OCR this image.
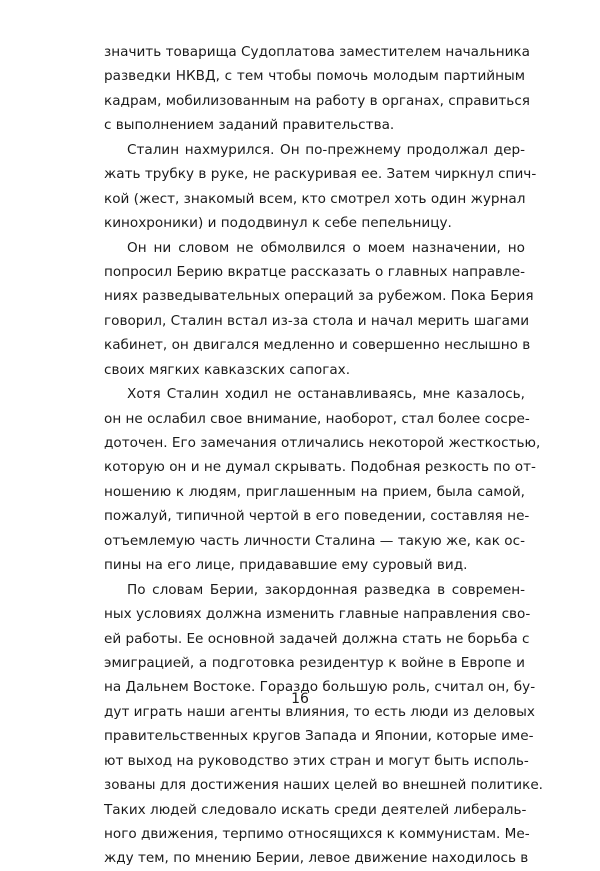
значить товарища Судоплатова заместителем начальника
разведки НКВД, с тем чтобы помочь молодым партийным
кадрам, мобилизованным на работу в органах, справиться
с выполнением заданий правительства.
Сталин нахмурился. Он по-прежнему продолжал дер-
жать трубку в руке, не раскуривая ее. Затем чиркнул спич-
кой (жест, знакомый всем, кто смотрел хоть один журнал
кинохроники) и пододвинул к себе пепельницу.
Он ни словом не обмолвился о моем назначении, но
попросил Берию вкратце рассказать о главных направле-
ниях разведывательных операций за рубежом. Пока Берия
говорил, Сталин встал из-за стола и начал мерить шагами
кабинет, он двигался медленно и совершенно неслышно в
своих мягких кавказских сапогах.
Хотя Сталин ходил не останавливаясь, мне казалось,
он не ослабил свое внимание, наоборот, стал более сосре-
доточен. Его замечания отличались некоторой жесткостью,
которую он и не думал скрывать. Подобная резкость по от-
ношению к людям, приглашенным на прием, была самой,
пожалуй, типичной чертой в его поведении, составляя не-
отъемлемую часть личности Сталина — такую же, как ос-
пины на его лице, придававшие ему суровый вид.
По словам Берии, закордонная разведка в современ-
ных условиях должна изменить главные направления сво-
ей работы. Ее основной задачей должна стать не борьба с
эмиграцией, а подготовка резидентур к войне в Европе и
на Дальнем Востоке. Гораздо большую роль, считал он, бу-
дут играть наши агенты влияния, то есть люди из деловых
правительственных кругов Запада и Японии, которые име-
ют выход на руководство этих стран и могут быть исполь-
зованы для достижения наших целей во внешней политике.
Таких людей следовало искать среди деятелей либераль-
ного движения, терпимо относящихся к коммунистам. Ме-
жду тем, по мнению Берии, левое движение находилось в
16
